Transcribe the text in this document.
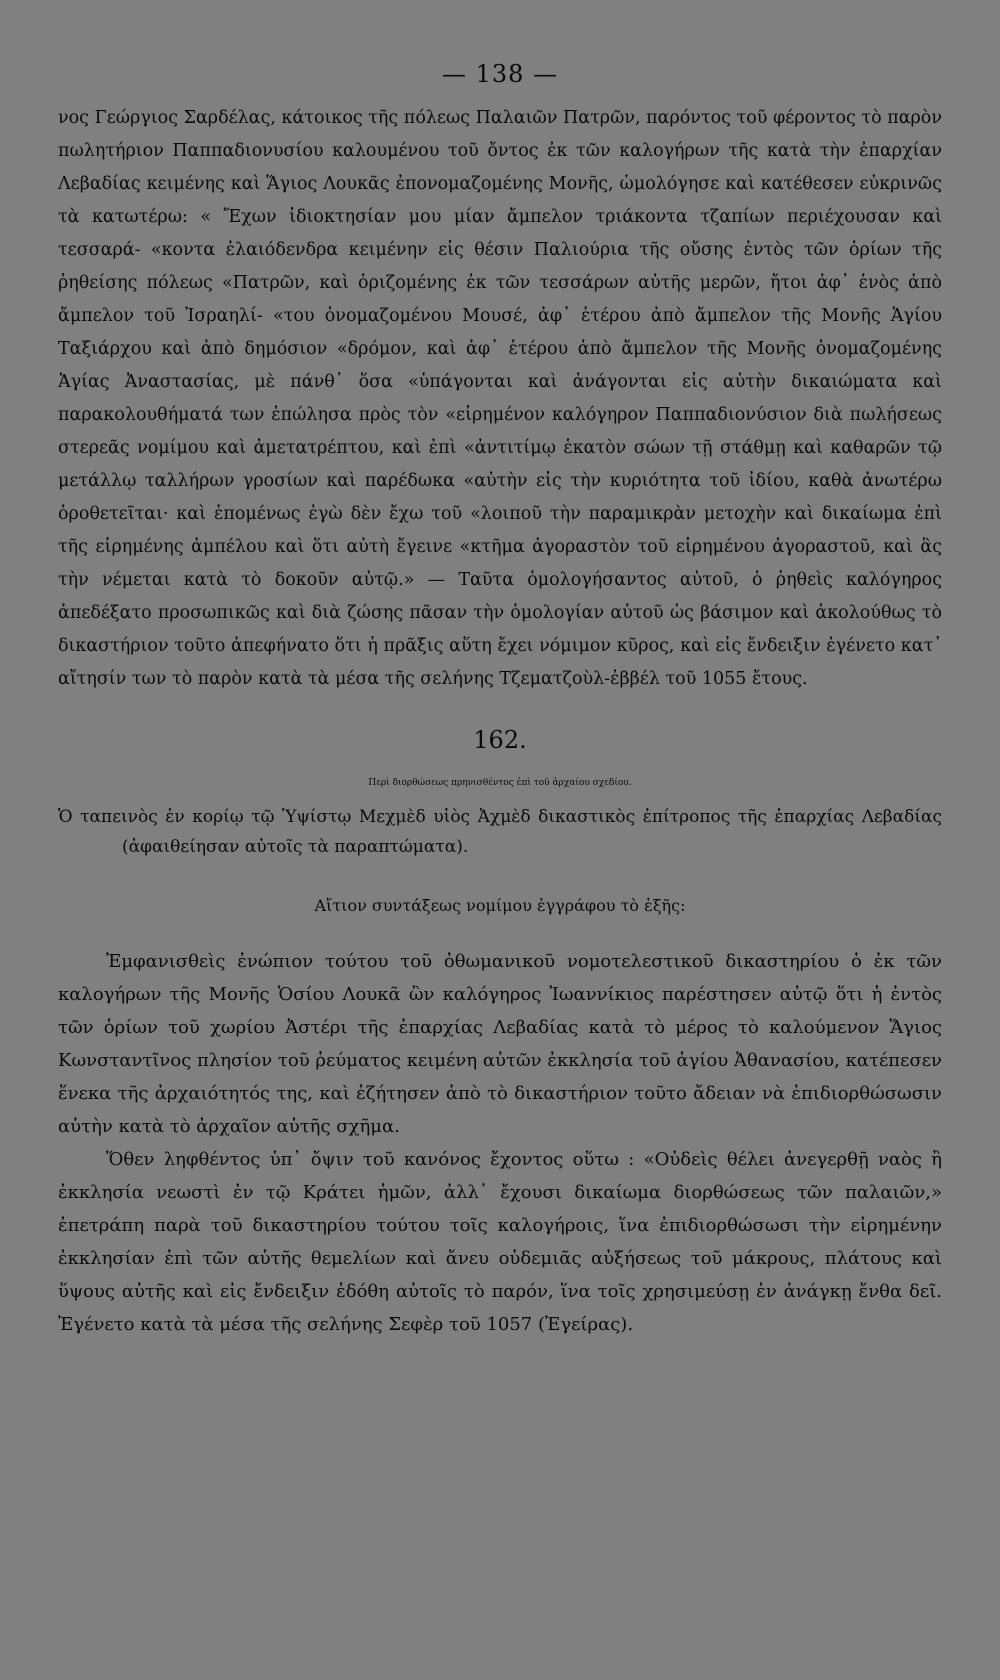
— 138 —

νος Γεώργιος Σαρδέλας, κάτοικος τῆς πόλεως Παλαιῶν Πατρῶν, παρόντος τοῦ φέροντος τὸ παρὸν πωλητήριον Παππαδιονυσίου καλουμένου τοῦ ὄντος ἐκ τῶν καλογήρων τῆς κατὰ τὴν ἐπαρχίαν Λεβαδίας κειμένης καὶ Ἅγιος Λουκᾶς ἐπονομαζομένης Μονῆς, ὡμολόγησε καὶ κατέθεσεν εὐκρινῶς τὰ κατωτέρω: « Ἔχων ἰδιοκτησίαν μου μίαν ἄμπελον τριάκοντα τζαπίων περιέχουσαν καὶ τεσσαρά- «κοντα ἐλαιόδενδρα κειμένην εἰς θέσιν Παλιούρια τῆς οὔσης ἐντὸς τῶν ὁρίων τῆς ῥηθείσης πόλεως «Πατρῶν, καὶ ὁριζομένης ἐκ τῶν τεσσάρων αὐτῆς μερῶν, ἤτοι ἀφ᾽ ἑνὸς ἀπὸ ἄμπελον τοῦ Ἰσραηλί- «του ὀνομαζομένου Μουσέ, ἀφ᾽ ἑτέρου ἀπὸ ἄμπελον τῆς Μονῆς Ἁγίου Ταξιάρχου καὶ ἀπὸ δημόσιον «δρόμον, καὶ ἀφ᾽ ἑτέρου ἀπὸ ἄμπελον τῆς Μονῆς ὀνομαζομένης Ἁγίας Ἀναστασίας, μὲ πάνθ᾽ ὅσα «ὑπάγονται καὶ ἀνάγονται εἰς αὐτὴν δικαιώματα καὶ παρακολουθήματά των ἐπώλησα πρὸς τὸν «εἰρημένον καλόγηρον Παππαδιονύσιον διὰ πωλήσεως στερεᾶς νομίμου καὶ ἀμετατρέπτου, καὶ ἐπὶ «ἀντιτίμῳ ἑκατὸν σώων τῇ στάθμῃ καὶ καθαρῶν τῷ μετάλλῳ ταλλήρων γροσίων καὶ παρέδωκα «αὐτὴν εἰς τὴν κυριότητα τοῦ ἰδίου, καθὰ ἀνωτέρω ὁροθετεῖται· καὶ ἑπομένως ἐγὼ δὲν ἔχω τοῦ «λοιποῦ τὴν παραμικρὰν μετοχὴν καὶ δικαίωμα ἐπὶ τῆς εἰρημένης ἀμπέλου καὶ ὅτι αὐτὴ ἔγεινε «κτῆμα ἀγοραστὸν τοῦ εἰρημένου ἀγοραστοῦ, καὶ ἃς τὴν νέμεται κατὰ τὸ δοκοῦν αὐτῷ.» — Ταῦτα ὁμολογήσαντος αὐτοῦ, ὁ ῥηθεὶς καλόγηρος ἀπεδέξατο προσωπικῶς καὶ διὰ ζώσης πᾶσαν τὴν ὁμολογίαν αὐτοῦ ὡς βάσιμον καὶ ἀκολούθως τὸ δικαστήριον τοῦτο ἀπεφήνατο ὅτι ἡ πρᾶξις αὕτη ἔχει νόμιμον κῦρος, καὶ εἰς ἔνδειξιν ἐγένετο κατ᾽ αἴτησίν των τὸ παρὸν κατὰ τὰ μέσα τῆς σελήνης Τζεματζοὺλ-ἐββέλ τοῦ 1055 ἔτους.

162.
Περὶ διορθώσεως πρηνισθέντος ἐπὶ τοῦ ἀρχαίου σχεδίου.

Ὁ ταπεινὸς ἐν κορίῳ τῷ Ὑψίστῳ Μεχμὲδ υἱὸς Ἀχμὲδ δικαστικὸς ἐπίτροπος τῆς ἐπαρχίας Λεβαδίας (ἀφαιθείησαν αὐτοῖς τὰ παραπτώματα).

Αἴτιον συντάξεως νομίμου ἐγγράφου τὸ ἑξῆς:

Ἐμφανισθεὶς ἐνώπιον τούτου τοῦ ὀθωμανικοῦ νομοτελεστικοῦ δικαστηρίου ὁ ἐκ τῶν καλογήρων τῆς Μονῆς Ὁσίου Λουκᾶ ὢν καλόγηρος Ἰωαννίκιος παρέστησεν αὐτῷ ὅτι ἡ ἐντὸς τῶν ὁρίων τοῦ χωρίου Ἀστέρι τῆς ἐπαρχίας Λεβαδίας κατὰ τὸ μέρος τὸ καλούμενον Ἅγιος Κωνσταντῖνος πλησίον τοῦ ῥεύματος κειμένη αὐτῶν ἐκκλησία τοῦ ἁγίου Ἀθανασίου, κατέπεσεν ἕνεκα τῆς ἀρχαιότητός της, καὶ ἐζήτησεν ἀπὸ τὸ δικαστήριον τοῦτο ἄδειαν νὰ ἐπιδιορθώσωσιν αὐτὴν κατὰ τὸ ἀρχαῖον αὐτῆς σχῆμα.

Ὅθεν ληφθέντος ὑπ᾽ ὄψιν τοῦ κανόνος ἔχοντος οὕτω : «Οὐδεὶς θέλει ἀνεγερθῇ ναὸς ἢ ἐκκλησία νεωστὶ ἐν τῷ Κράτει ἡμῶν, ἀλλ᾽ ἔχουσι δικαίωμα διορθώσεως τῶν παλαιῶν,» ἐπετράπη παρὰ τοῦ δικαστηρίου τούτου τοῖς καλογήροις, ἵνα ἐπιδιορθώσωσι τὴν εἰρημένην ἐκκλησίαν ἐπὶ τῶν αὐτῆς θεμελίων καὶ ἄνευ οὐδεμιᾶς αὐξήσεως τοῦ μάκρους, πλάτους καὶ ὕψους αὐτῆς καὶ εἰς ἔνδειξιν ἐδόθη αὐτοῖς τὸ παρόν, ἵνα τοῖς χρησιμεύσῃ ἐν ἀνάγκῃ ἔνθα δεῖ. Ἐγένετο κατὰ τὰ μέσα τῆς σελήνης Σεφὲρ τοῦ 1057 (Ἐγείρας).
